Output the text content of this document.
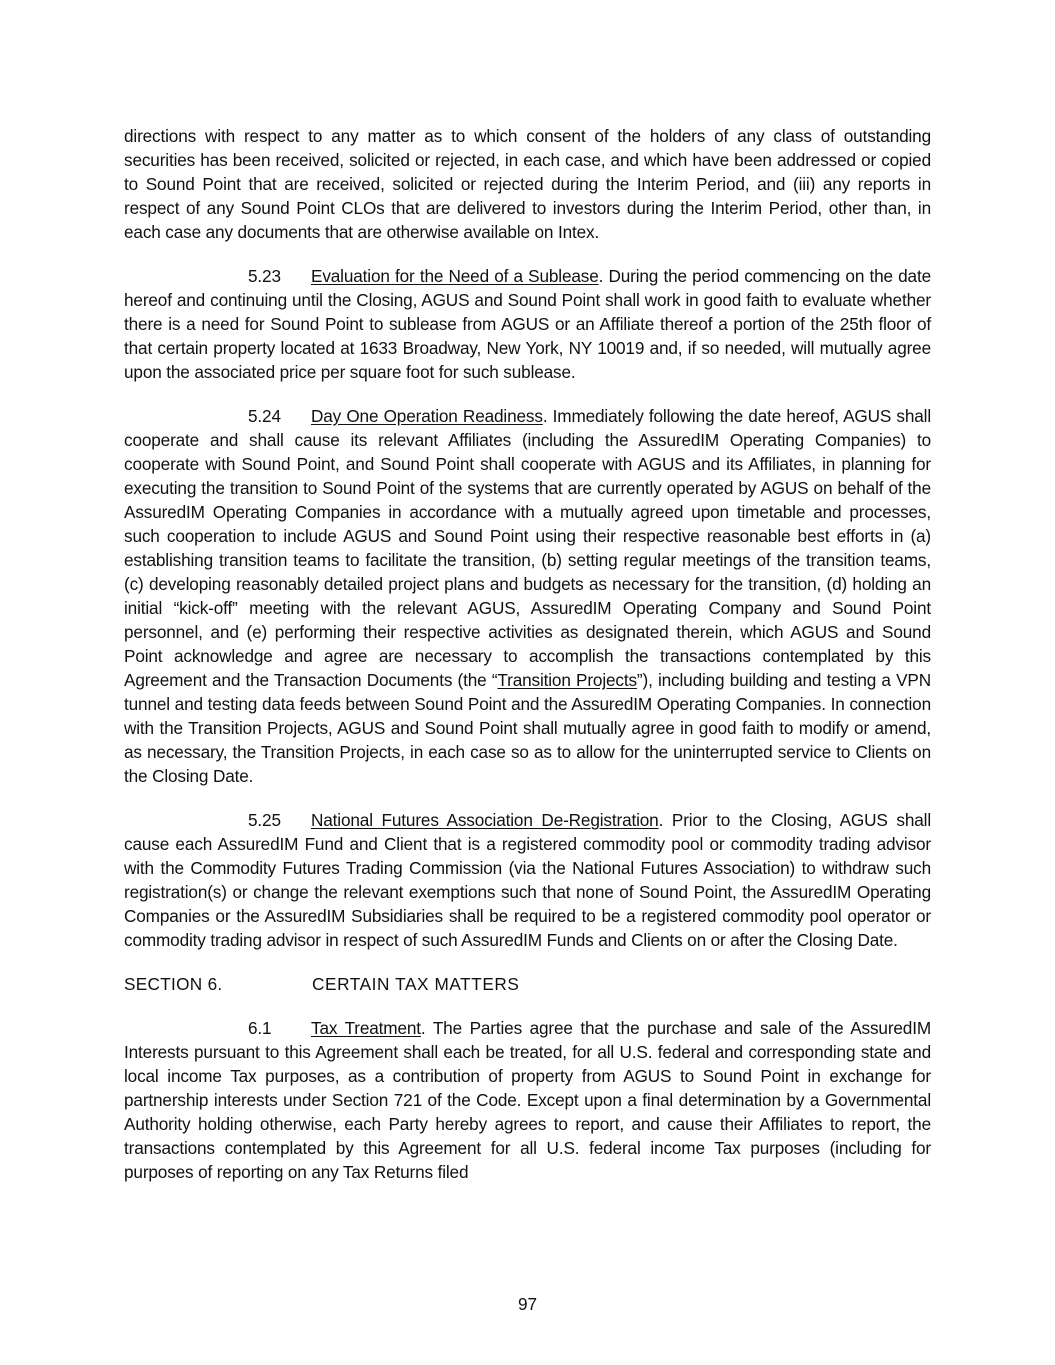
directions with respect to any matter as to which consent of the holders of any class of outstanding securities has been received, solicited or rejected, in each case, and which have been addressed or copied to Sound Point that are received, solicited or rejected during the Interim Period, and (iii) any reports in respect of any Sound Point CLOs that are delivered to investors during the Interim Period, other than, in each case any documents that are otherwise available on Intex.

5.23 Evaluation for the Need of a Sublease. During the period commencing on the date hereof and continuing until the Closing, AGUS and Sound Point shall work in good faith to evaluate whether there is a need for Sound Point to sublease from AGUS or an Affiliate thereof a portion of the 25th floor of that certain property located at 1633 Broadway, New York, NY 10019 and, if so needed, will mutually agree upon the associated price per square foot for such sublease.

5.24 Day One Operation Readiness. Immediately following the date hereof, AGUS shall cooperate and shall cause its relevant Affiliates (including the AssuredIM Operating Companies) to cooperate with Sound Point, and Sound Point shall cooperate with AGUS and its Affiliates, in planning for executing the transition to Sound Point of the systems that are currently operated by AGUS on behalf of the AssuredIM Operating Companies in accordance with a mutually agreed upon timetable and processes, such cooperation to include AGUS and Sound Point using their respective reasonable best efforts in (a) establishing transition teams to facilitate the transition, (b) setting regular meetings of the transition teams, (c) developing reasonably detailed project plans and budgets as necessary for the transition, (d) holding an initial “kick-off” meeting with the relevant AGUS, AssuredIM Operating Company and Sound Point personnel, and (e) performing their respective activities as designated therein, which AGUS and Sound Point acknowledge and agree are necessary to accomplish the transactions contemplated by this Agreement and the Transaction Documents (the “Transition Projects”), including building and testing a VPN tunnel and testing data feeds between Sound Point and the AssuredIM Operating Companies. In connection with the Transition Projects, AGUS and Sound Point shall mutually agree in good faith to modify or amend, as necessary, the Transition Projects, in each case so as to allow for the uninterrupted service to Clients on the Closing Date.

5.25 National Futures Association De-Registration. Prior to the Closing, AGUS shall cause each AssuredIM Fund and Client that is a registered commodity pool or commodity trading advisor with the Commodity Futures Trading Commission (via the National Futures Association) to withdraw such registration(s) or change the relevant exemptions such that none of Sound Point, the AssuredIM Operating Companies or the AssuredIM Subsidiaries shall be required to be a registered commodity pool operator or commodity trading advisor in respect of such AssuredIM Funds and Clients on or after the Closing Date.

SECTION 6.	CERTAIN TAX MATTERS

6.1 Tax Treatment. The Parties agree that the purchase and sale of the AssuredIM Interests pursuant to this Agreement shall each be treated, for all U.S. federal and corresponding state and local income Tax purposes, as a contribution of property from AGUS to Sound Point in exchange for partnership interests under Section 721 of the Code. Except upon a final determination by a Governmental Authority holding otherwise, each Party hereby agrees to report, and cause their Affiliates to report, the transactions contemplated by this Agreement for all U.S. federal income Tax purposes (including for purposes of reporting on any Tax Returns filed

97
